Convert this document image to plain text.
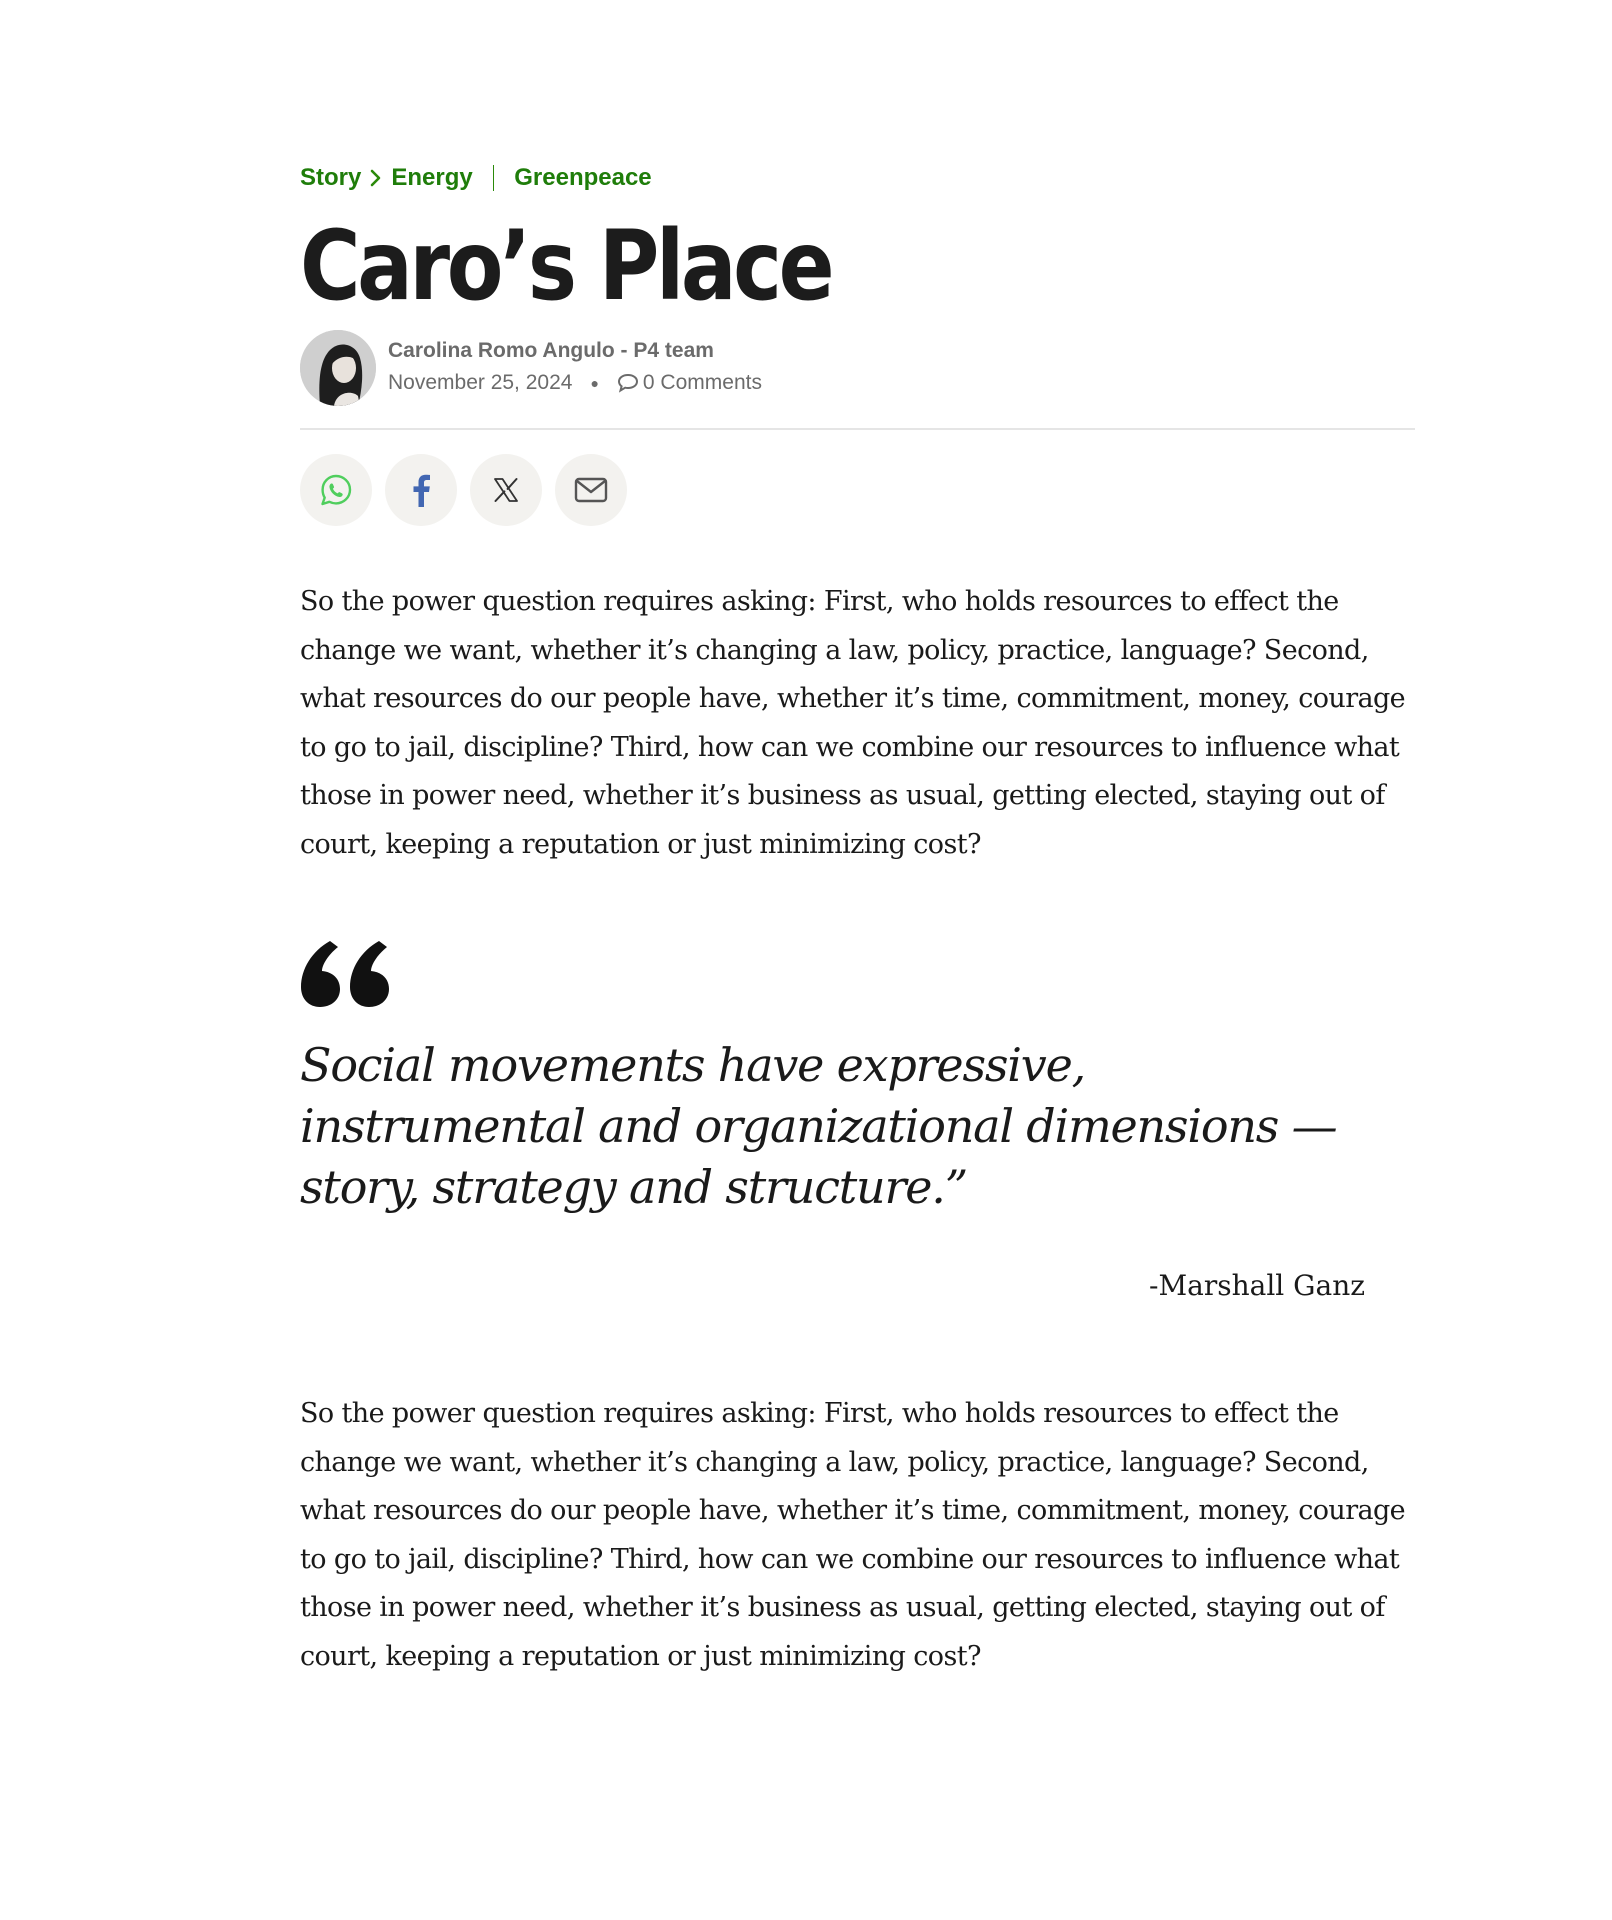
Story Energy Greenpeace
Caro’s Place
Carolina Romo Angulo - P4 team
November 25, 2024 ● 0 Comments

So the power question requires asking: First, who holds resources to effect the change we want, whether it’s changing a law, policy, practice, language? Second, what resources do our people have, whether it’s time, commitment, money, courage to go to jail, discipline? Third, how can we combine our resources to influence what those in power need, whether it’s business as usual, getting elected, staying out of court, keeping a reputation or just minimizing cost?

Social movements have expressive, instrumental and organizational dimensions — story, strategy and structure.”
-Marshall Ganz

So the power question requires asking: First, who holds resources to effect the change we want, whether it’s changing a law, policy, practice, language? Second, what resources do our people have, whether it’s time, commitment, money, courage to go to jail, discipline? Third, how can we combine our resources to influence what those in power need, whether it’s business as usual, getting elected, staying out of court, keeping a reputation or just minimizing cost?
